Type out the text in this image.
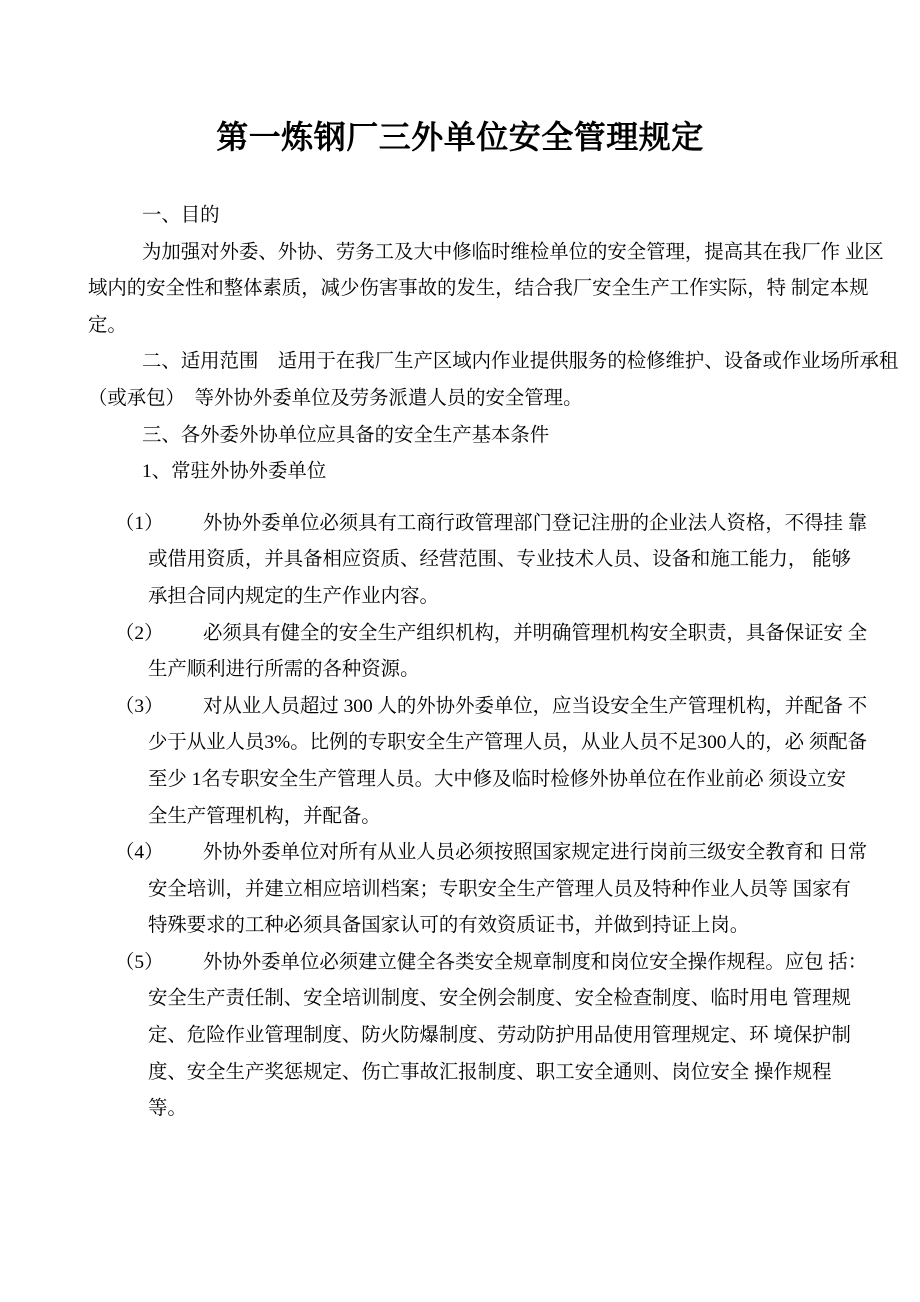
第一炼钢厂三外单位安全管理规定
一、目的
为加强对外委、外协、劳务工及大中修临时维检单位的安全管理，提高其在我厂作 业区
域内的安全性和整体素质，减少伤害事故的发生，结合我厂安全生产工作实际，特 制定本规
定。
二、适用范围　适用于在我厂生产区域内作业提供服务的检修维护、设备或作业场所承租
（或承包）　等外协外委单位及劳务派遣人员的安全管理。
三、各外委外协单位应具备的安全生产基本条件
1、常驻外协外委单位
（1） 外协外委单位必须具有工商行政管理部门登记注册的企业法人资格，不得挂 靠
或借用资质，并具备相应资质、经营范围、专业技术人员、设备和施工能力， 能够
承担合同内规定的生产作业内容。
（2） 必须具有健全的安全生产组织机构，并明确管理机构安全职责，具备保证安 全
生产顺利进行所需的各种资源。
（3） 对从业人员超过 300 人的外协外委单位，应当设安全生产管理机构，并配备 不
少于从业人员3%。比例的专职安全生产管理人员，从业人员不足300人的，必 须配备
至少 1名专职安全生产管理人员。大中修及临时检修外协单位在作业前必 须设立安
全生产管理机构，并配备。
（4） 外协外委单位对所有从业人员必须按照国家规定进行岗前三级安全教育和 日常
安全培训，并建立相应培训档案；专职安全生产管理人员及特种作业人员等 国家有
特殊要求的工种必须具备国家认可的有效资质证书，并做到持证上岗。
（5） 外协外委单位必须建立健全各类安全规章制度和岗位安全操作规程。应包 括：
安全生产责任制、安全培训制度、安全例会制度、安全检查制度、临时用电 管理规
定、危险作业管理制度、防火防爆制度、劳动防护用品使用管理规定、环 境保护制
度、安全生产奖惩规定、伤亡事故汇报制度、职工安全通则、岗位安全 操作规程
等。
